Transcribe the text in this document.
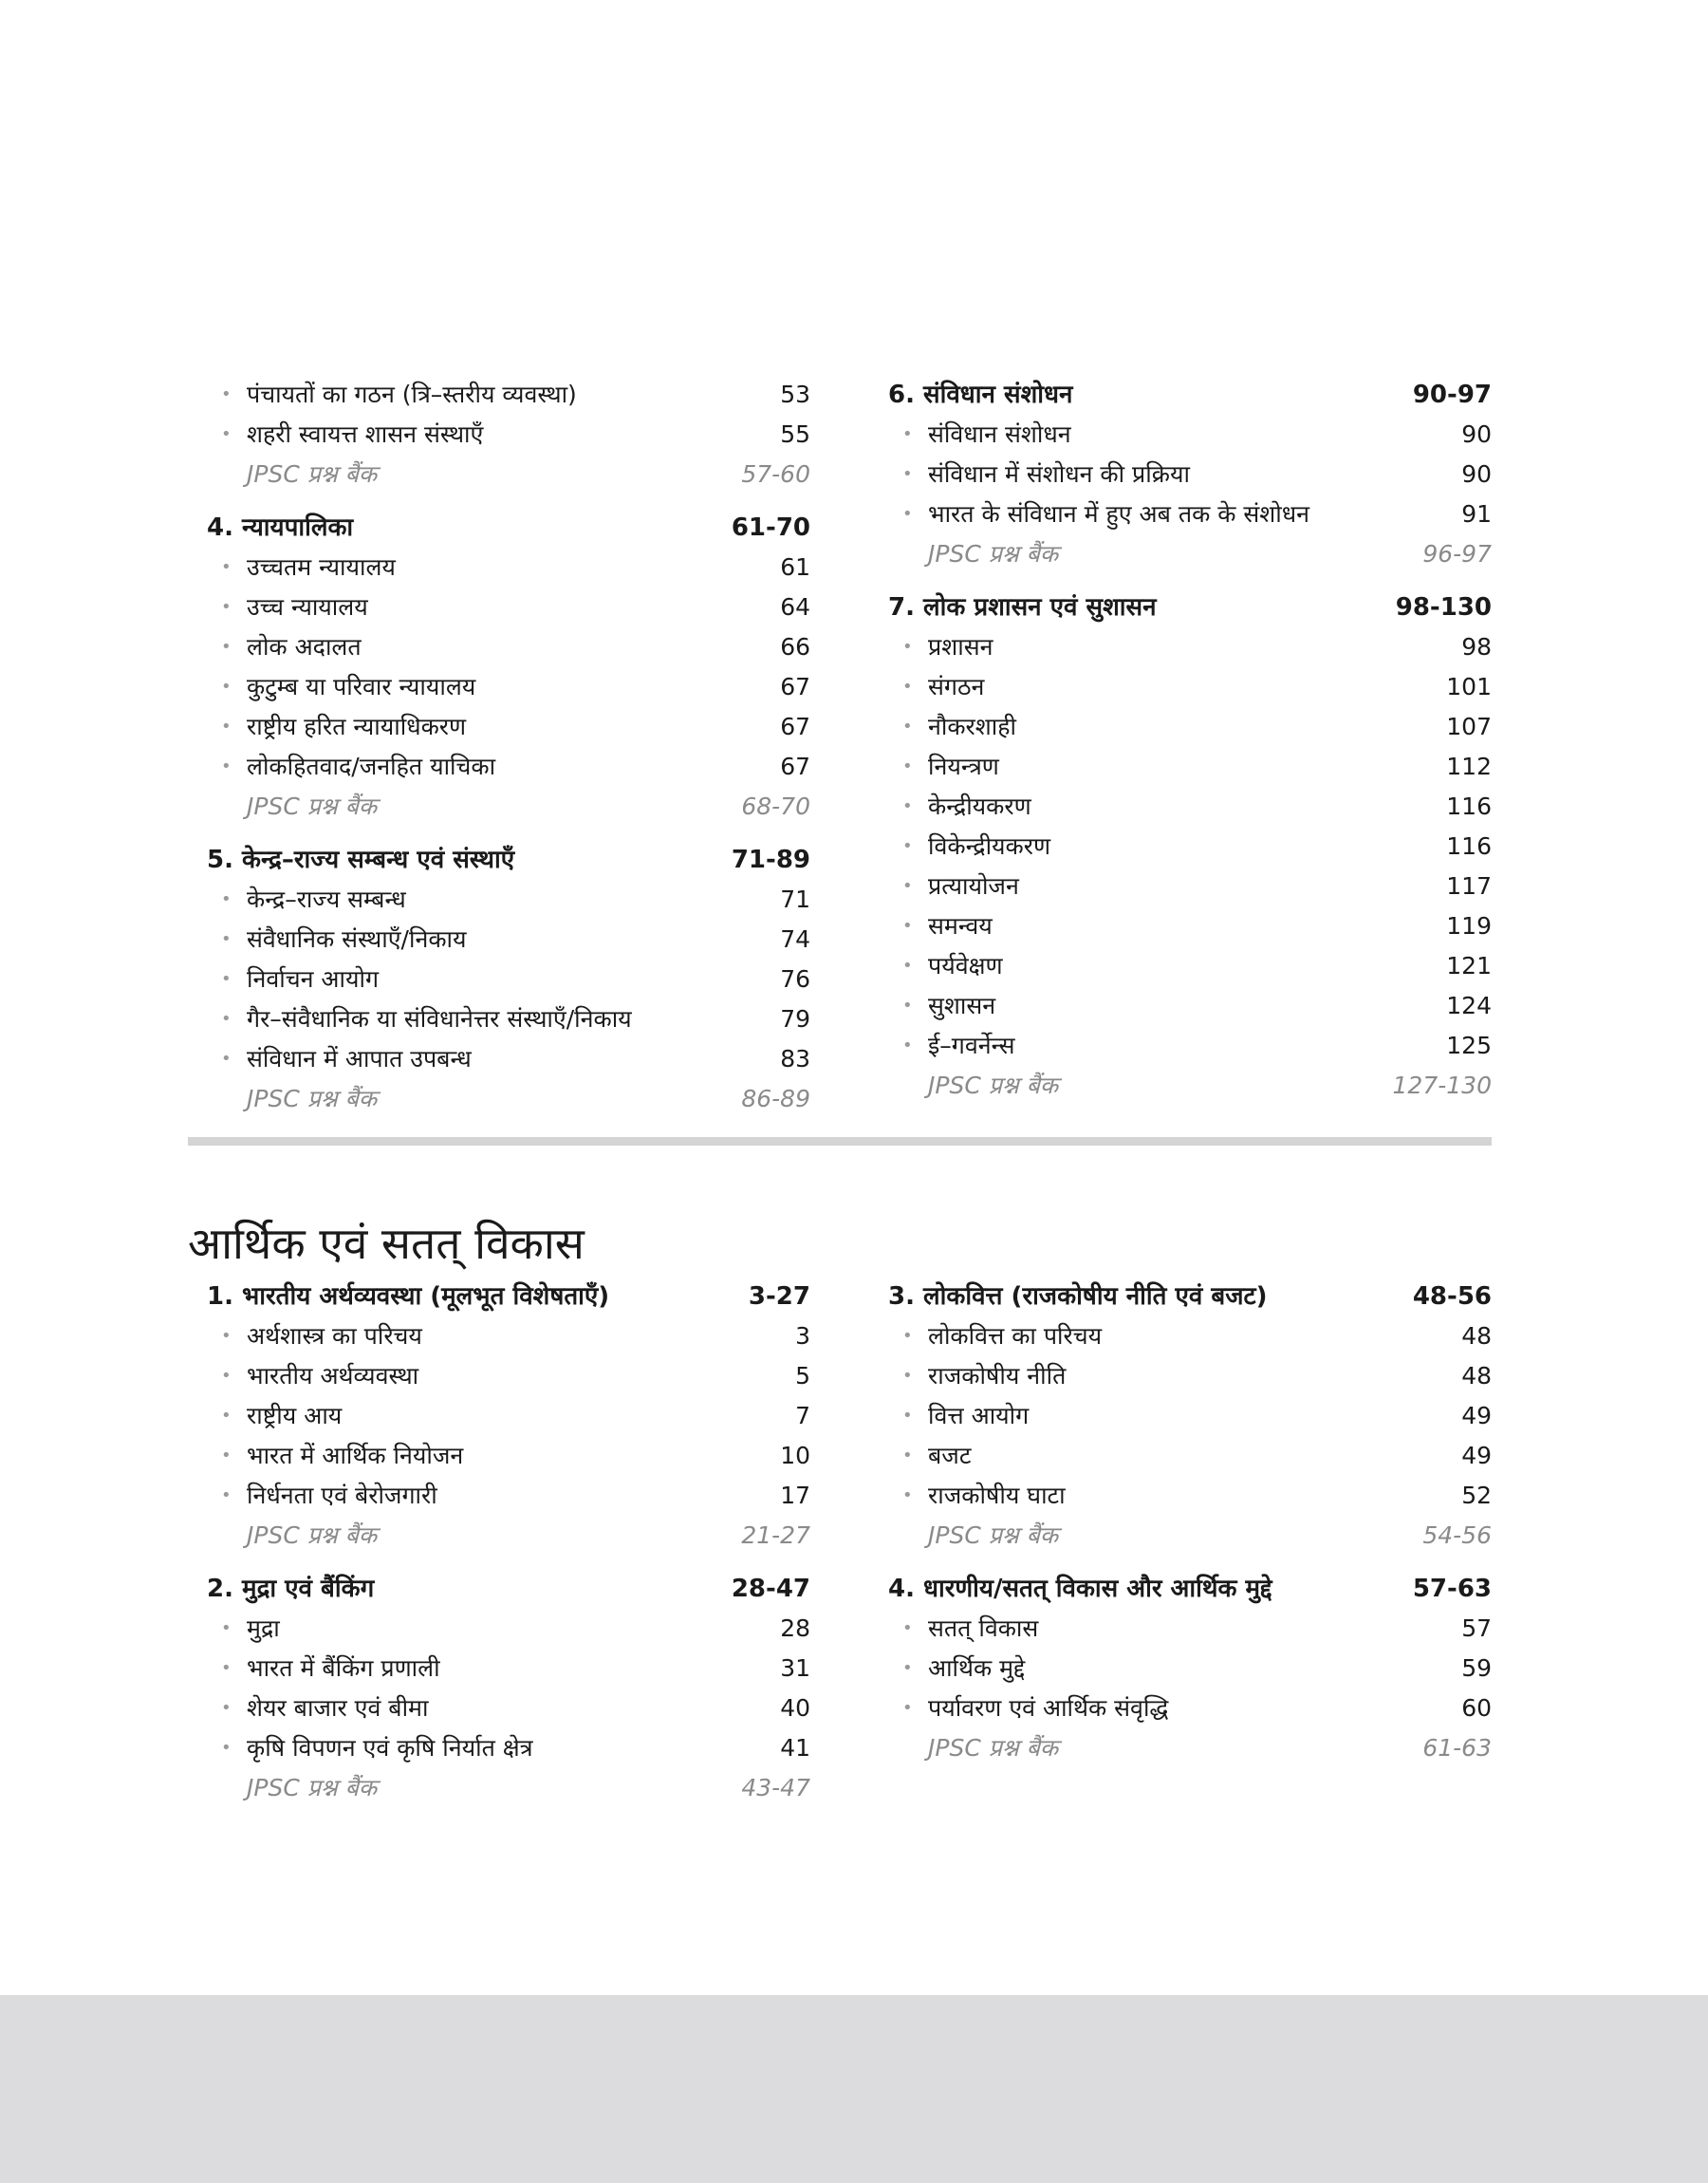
• पंचायतों का गठन (त्रि–स्तरीय व्यवस्था)	53
• शहरी स्वायत्त शासन संस्थाएँ	55
JPSC प्रश्न बैंक	57-60
4. न्यायपालिका	61-70
• उच्चतम न्यायालय	61
• उच्च न्यायालय	64
• लोक अदालत	66
• कुटुम्ब या परिवार न्यायालय	67
• राष्ट्रीय हरित न्यायाधिकरण	67
• लोकहितवाद/जनहित याचिका	67
JPSC प्रश्न बैंक	68-70
5. केन्द्र–राज्य सम्बन्ध एवं संस्थाएँ	71-89
• केन्द्र–राज्य सम्बन्ध	71
• संवैधानिक संस्थाएँ/निकाय	74
• निर्वाचन आयोग	76
• गैर–संवैधानिक या संविधानेत्तर संस्थाएँ/निकाय	79
• संविधान में आपात उपबन्ध	83
JPSC प्रश्न बैंक	86-89
6. संविधान संशोधन	90-97
• संविधान संशोधन	90
• संविधान में संशोधन की प्रक्रिया	90
• भारत के संविधान में हुए अब तक के संशोधन	91
JPSC प्रश्न बैंक	96-97
7. लोक प्रशासन एवं सुशासन	98-130
• प्रशासन	98
• संगठन	101
• नौकरशाही	107
• नियन्त्रण	112
• केन्द्रीयकरण	116
• विकेन्द्रीयकरण	116
• प्रत्यायोजन	117
• समन्वय	119
• पर्यवेक्षण	121
• सुशासन	124
• ई–गवर्नेन्स	125
JPSC प्रश्न बैंक	127-130
आर्थिक एवं सतत् विकास
1. भारतीय अर्थव्यवस्था (मूलभूत विशेषताएँ)	3-27
• अर्थशास्त्र का परिचय	3
• भारतीय अर्थव्यवस्था	5
• राष्ट्रीय आय	7
• भारत में आर्थिक नियोजन	10
• निर्धनता एवं बेरोजगारी	17
JPSC प्रश्न बैंक	21-27
2. मुद्रा एवं बैंकिंग	28-47
• मुद्रा	28
• भारत में बैंकिंग प्रणाली	31
• शेयर बाजार एवं बीमा	40
• कृषि विपणन एवं कृषि निर्यात क्षेत्र	41
JPSC प्रश्न बैंक	43-47
3. लोकवित्त (राजकोषीय नीति एवं बजट)	48-56
• लोकवित्त का परिचय	48
• राजकोषीय नीति	48
• वित्त आयोग	49
• बजट	49
• राजकोषीय घाटा	52
JPSC प्रश्न बैंक	54-56
4. धारणीय/सतत् विकास और आर्थिक मुद्दे	57-63
• सतत् विकास	57
• आर्थिक मुद्दे	59
• पर्यावरण एवं आर्थिक संवृद्धि	60
JPSC प्रश्न बैंक	61-63
